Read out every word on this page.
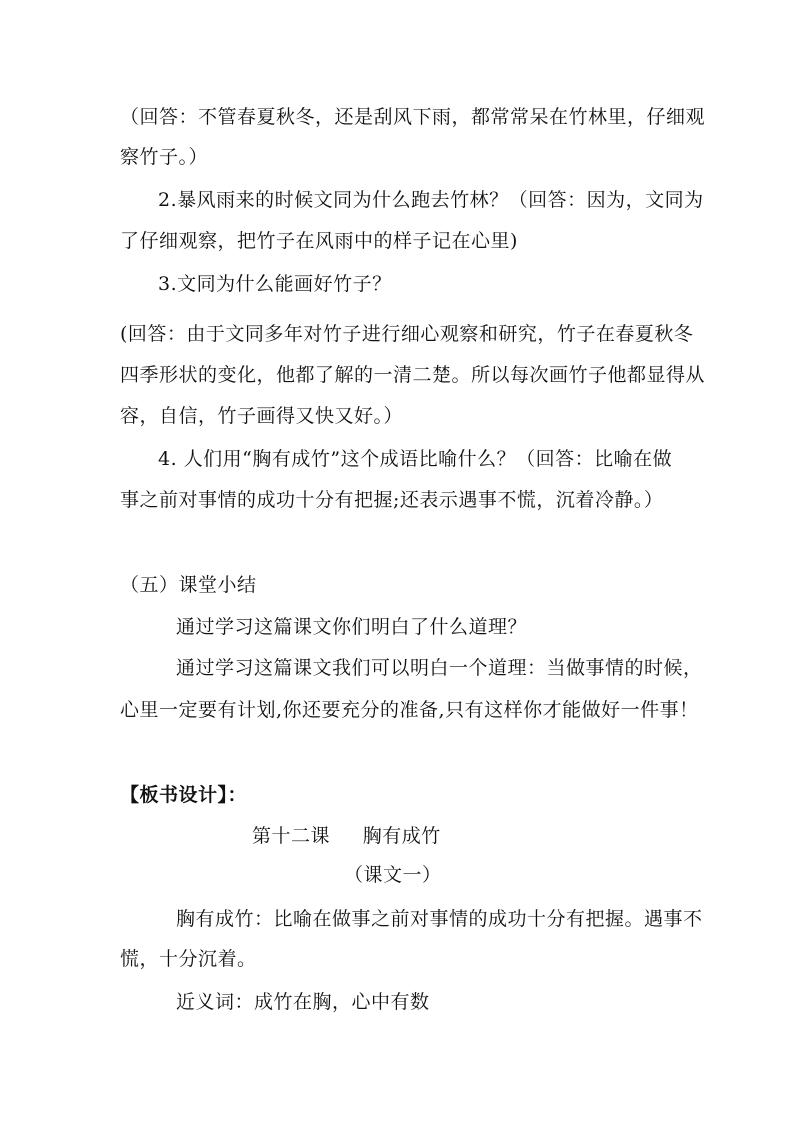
（回答：不管春夏秋冬，还是刮风下雨，都常常呆在竹林里，仔细观
察竹子。）
2.暴风雨来的时候文同为什么跑去竹林？（回答：因为，文同为
了仔细观察，把竹子在风雨中的样子记在心里)
3.文同为什么能画好竹子？
(回答：由于文同多年对竹子进行细心观察和研究，竹子在春夏秋冬
四季形状的变化，他都了解的一清二楚。所以每次画竹子他都显得从
容，自信，竹子画得又快又好。）
4. 人们用“胸有成竹”这个成语比喻什么？（回答：比喻在做
事之前对事情的成功十分有把握;还表示遇事不慌，沉着冷静。）
（五）课堂小结
通过学习这篇课文你们明白了什么道理？
通过学习这篇课文我们可以明白一个道理：当做事情的时候，
心里一定要有计划,你还要充分的准备,只有这样你才能做好一件事！
【板书设计】：
第十二课     胸有成竹
（课文一）
胸有成竹：比喻在做事之前对事情的成功十分有把握。遇事不
慌，十分沉着。
近义词：成竹在胸，心中有数
